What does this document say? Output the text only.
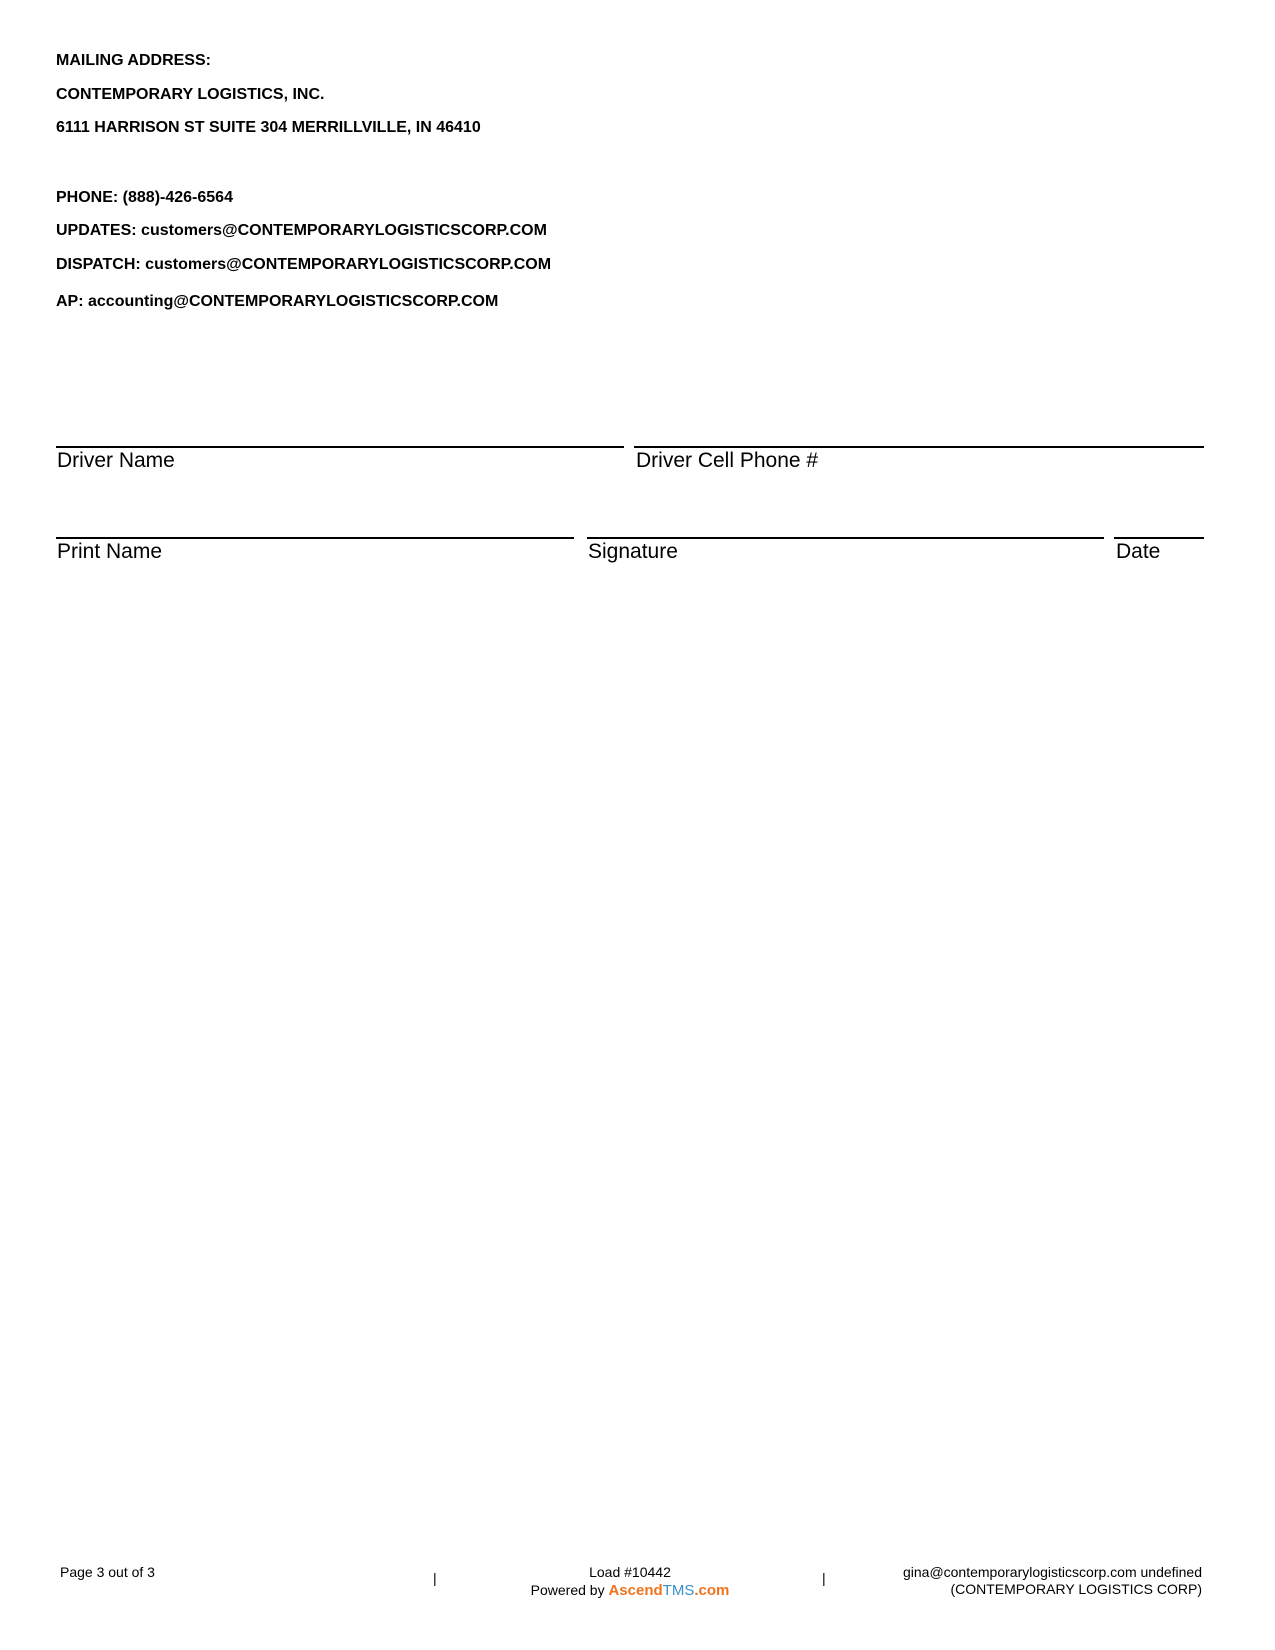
MAILING ADDRESS:
CONTEMPORARY LOGISTICS, INC.
6111 HARRISON ST SUITE 304 MERRILLVILLE, IN 46410
PHONE: (888)-426-6564
UPDATES: customers@CONTEMPORARYLOGISTICSCORP.COM
DISPATCH: customers@CONTEMPORARYLOGISTICSCORP.COM
AP: accounting@CONTEMPORARYLOGISTICSCORP.COM
Driver Name	Driver Cell Phone #
Print Name	Signature	Date
Page 3 out of 3	|	Load #10442
Powered by AscendTMS.com
|	gina@contemporarylogisticscorp.com undefined
(CONTEMPORARY LOGISTICS CORP)
